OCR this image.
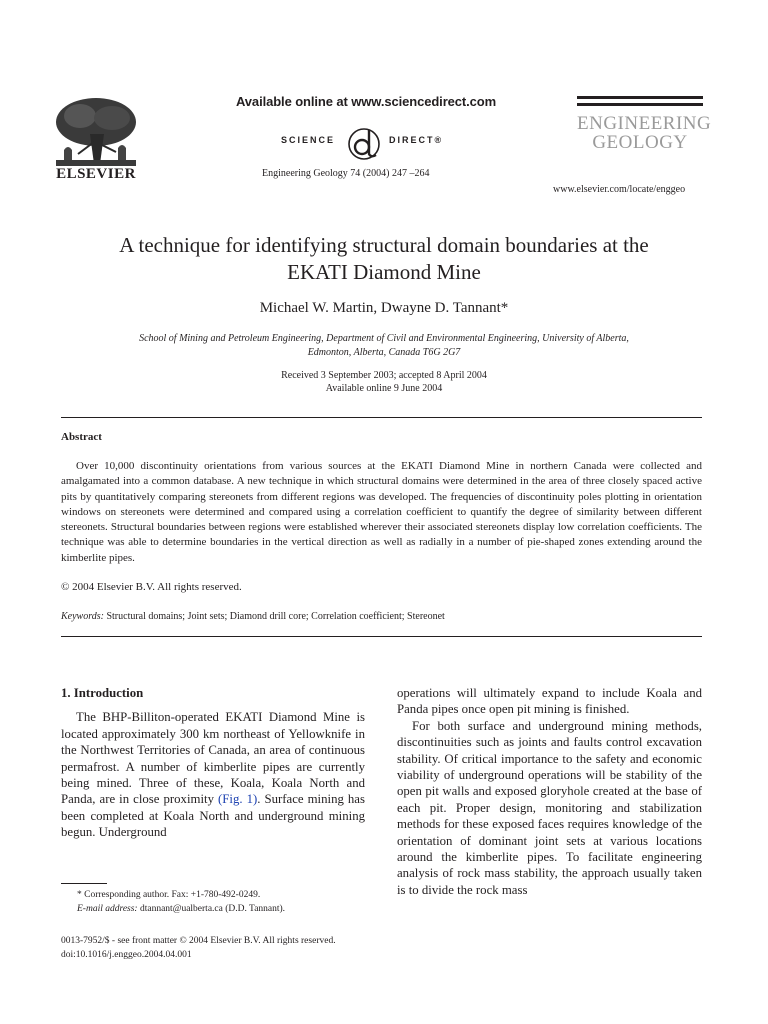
ELSEVIER
Available online at www.sciencedirect.com
SCIENCE	DIRECT®
Engineering Geology 74 (2004) 247 –264
ENGINEERING
GEOLOGY
www.elsevier.com/locate/enggeo
A technique for identifying structural domain boundaries at the
EKATI Diamond Mine
Michael W. Martin, Dwayne D. Tannant*
School of Mining and Petroleum Engineering, Department of Civil and Environmental Engineering, University of Alberta,
Edmonton, Alberta, Canada T6G 2G7
Received 3 September 2003; accepted 8 April 2004
Available online 9 June 2004
Abstract
Over 10,000 discontinuity orientations from various sources at the EKATI Diamond Mine in northern Canada were collected and amalgamated into a common database. A new technique in which structural domains were determined in the area of three closely spaced active pits by quantitatively comparing stereonets from different regions was developed. The frequencies of discontinuity poles plotting in orientation windows on stereonets were determined and compared using a correlation coefficient to quantify the degree of similarity between different stereonets. Structural boundaries between regions were established wherever their associated stereonets display low correlation coefficients. The technique was able to determine boundaries in the vertical direction as well as radially in a number of pie-shaped zones extending around the kimberlite pipes.
© 2004 Elsevier B.V. All rights reserved.
Keywords: Structural domains; Joint sets; Diamond drill core; Correlation coefficient; Stereonet
1. Introduction
The BHP-Billiton-operated EKATI Diamond Mine is located approximately 300 km northeast of Yellowknife in the Northwest Territories of Canada, an area of continuous permafrost. A number of kimberlite pipes are currently being mined. Three of these, Koala, Koala North and Panda, are in close proximity (Fig. 1). Surface mining has been completed at Koala North and underground mining begun. Underground
operations will ultimately expand to include Koala and Panda pipes once open pit mining is finished.
For both surface and underground mining methods, discontinuities such as joints and faults control excavation stability. Of critical importance to the safety and economic viability of underground operations will be stability of the open pit walls and exposed gloryhole created at the base of each pit. Proper design, monitoring and stabilization methods for these exposed faces requires knowledge of the orientation of dominant joint sets at various locations around the kimberlite pipes. To facilitate engineering analysis of rock mass stability, the approach usually taken is to divide the rock mass
* Corresponding author. Fax: +1-780-492-0249.
E-mail address: dtannant@ualberta.ca (D.D. Tannant).
0013-7952/$ - see front matter © 2004 Elsevier B.V. All rights reserved.
doi:10.1016/j.enggeo.2004.04.001
